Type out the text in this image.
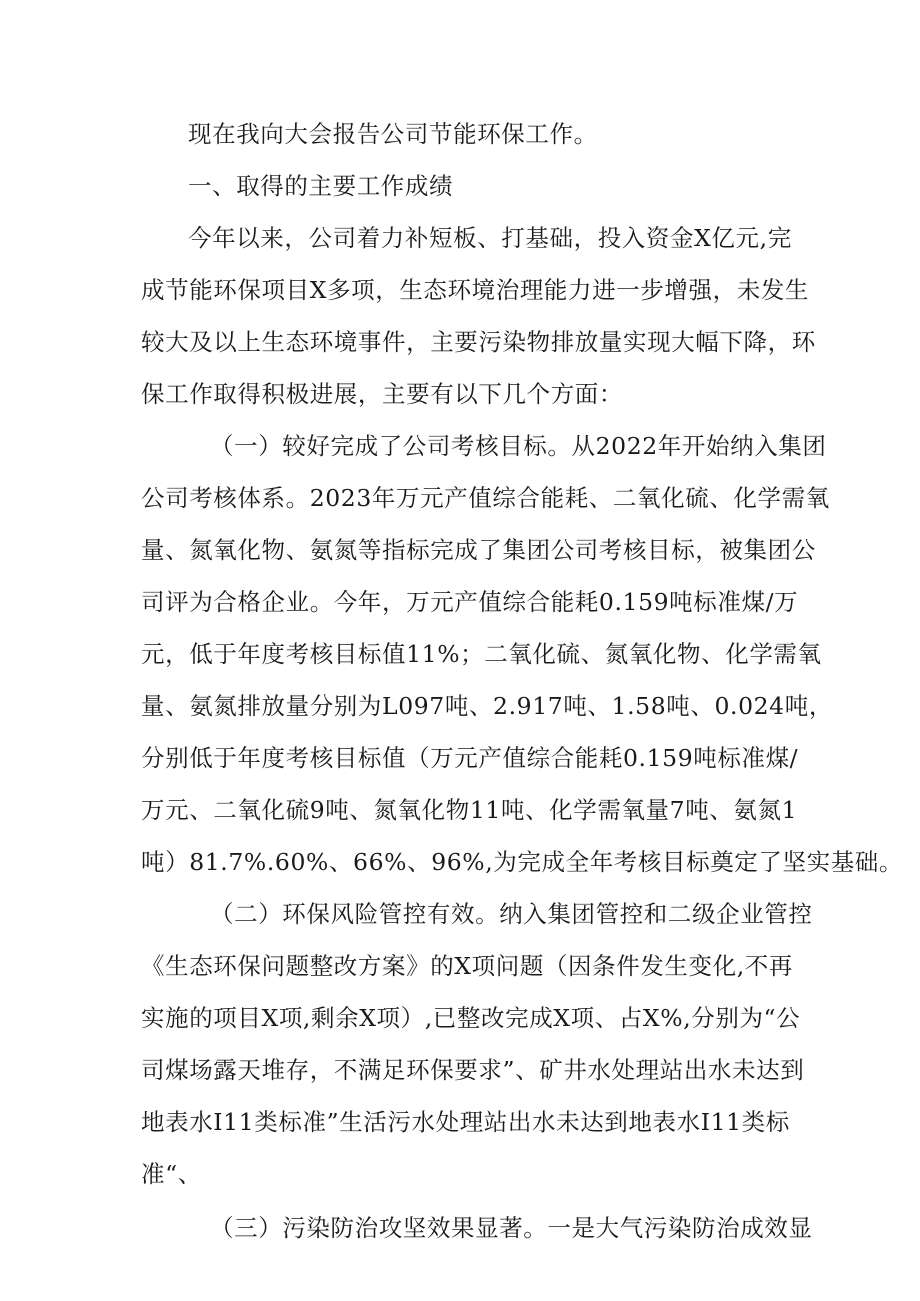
现在我向大会报告公司节能环保工作。
一、取得的主要工作成绩
今年以来，公司着力补短板、打基础，投入资金X亿元,完
成节能环保项目X多项，生态环境治理能力进一步增强，未发生
较大及以上生态环境事件，主要污染物排放量实现大幅下降，环
保工作取得积极进展，主要有以下几个方面：
（一）较好完成了公司考核目标。从2022年开始纳入集团
公司考核体系。2023年万元产值综合能耗、二氧化硫、化学需氧
量、氮氧化物、氨氮等指标完成了集团公司考核目标，被集团公
司评为合格企业。今年，万元产值综合能耗0.159吨标准煤/万
元，低于年度考核目标值11%；二氧化硫、氮氧化物、化学需氧
量、氨氮排放量分别为L097吨、2.917吨、1.58吨、0.024吨，
分别低于年度考核目标值（万元产值综合能耗0.159吨标准煤/
万元、二氧化硫9吨、氮氧化物11吨、化学需氧量7吨、氨氮1
吨）81.7%.60%、66%、96%,为完成全年考核目标奠定了坚实基础。
（二）环保风险管控有效。纳入集团管控和二级企业管控
《生态环保问题整改方案》的X项问题（因条件发生变化,不再
实施的项目X项,剩余X项）,已整改完成X项、占X%,分别为“公
司煤场露天堆存，不满足环保要求”、矿井水处理站出水未达到
地表水I11类标准”生活污水处理站出水未达到地表水I11类标
准“、
（三）污染防治攻坚效果显著。一是大气污染防治成效显
